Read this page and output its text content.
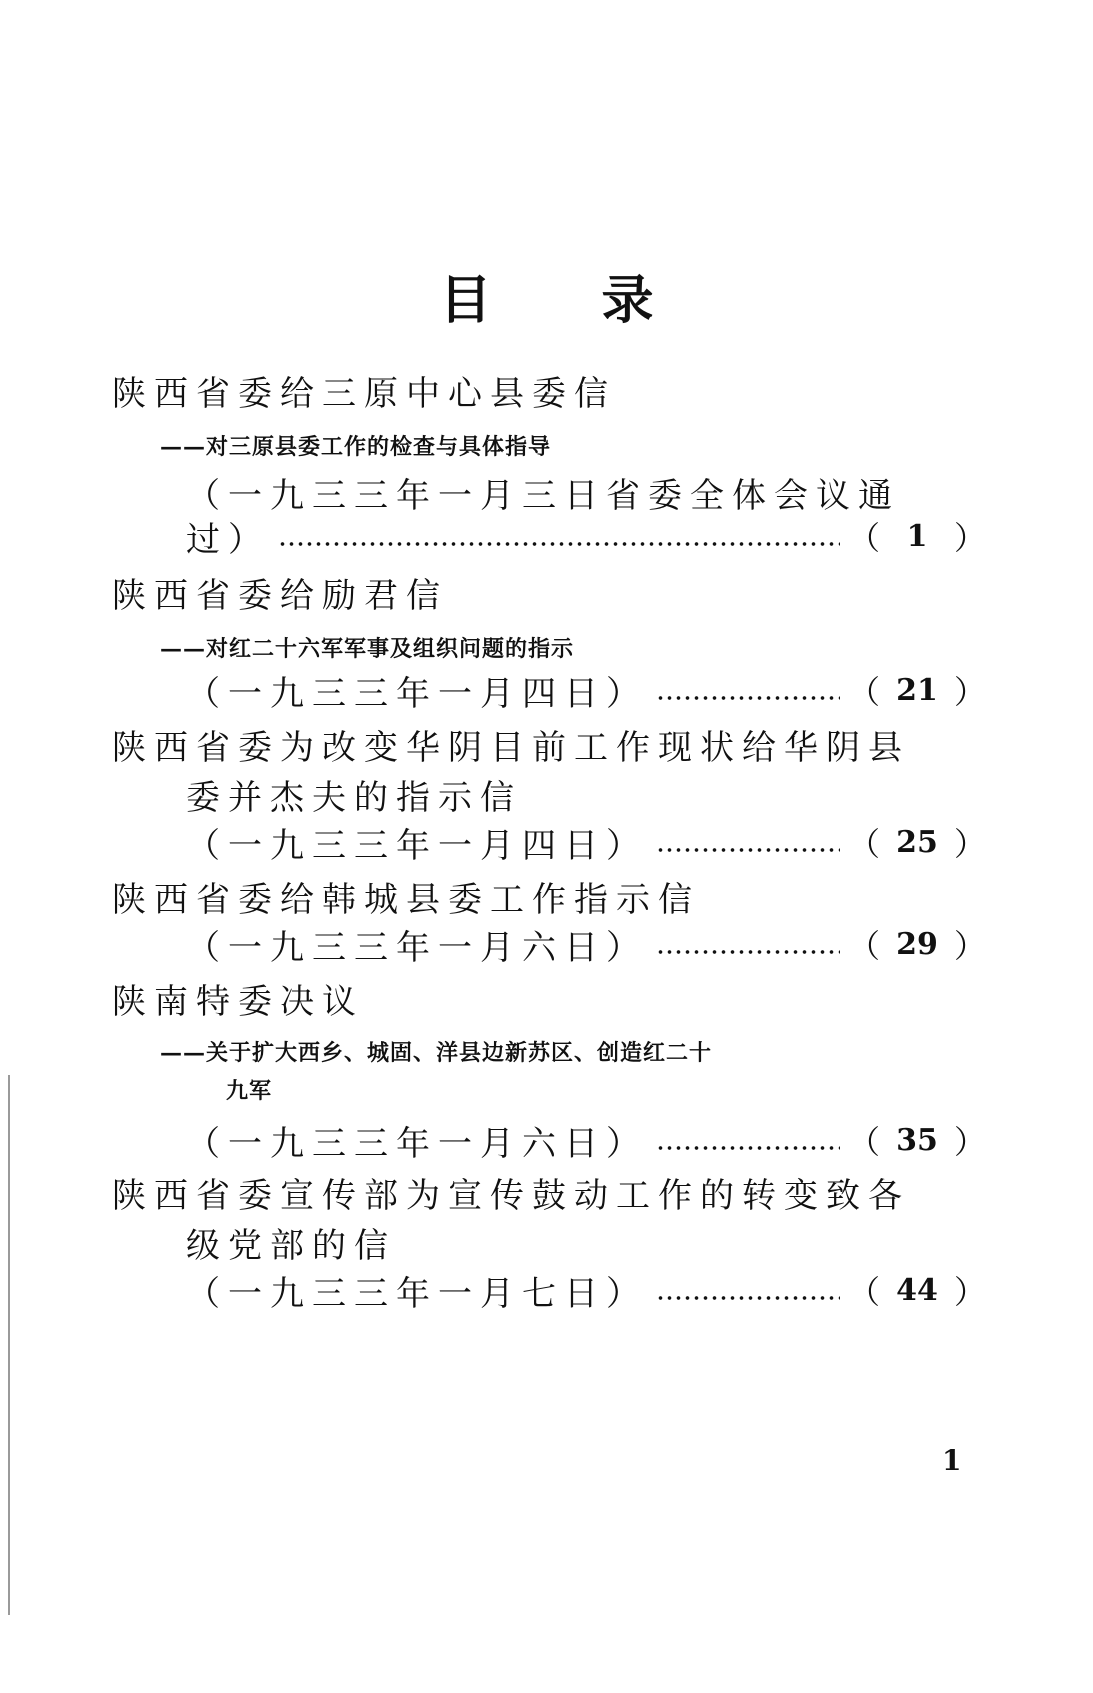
目 录
陕西省委给三原中心县委信
——对三原县委工作的检查与具体指导
（一九三三年一月三日省委全体会议通
过）	（ 1 ）
陕西省委给励君信
——对红二十六军军事及组织问题的指示
（一九三三年一月四日）	（ 21 ）
陕西省委为改变华阴目前工作现状给华阴县
委并杰夫的指示信
（一九三三年一月四日）	（ 25 ）
陕西省委给韩城县委工作指示信
（一九三三年一月六日）	（ 29 ）
陕南特委决议
——关于扩大西乡、城固、洋县边新苏区、创造红二十
九军
（一九三三年一月六日）	（ 35 ）
陕西省委宣传部为宣传鼓动工作的转变致各
级党部的信
（一九三三年一月七日）	（ 44 ）
1
